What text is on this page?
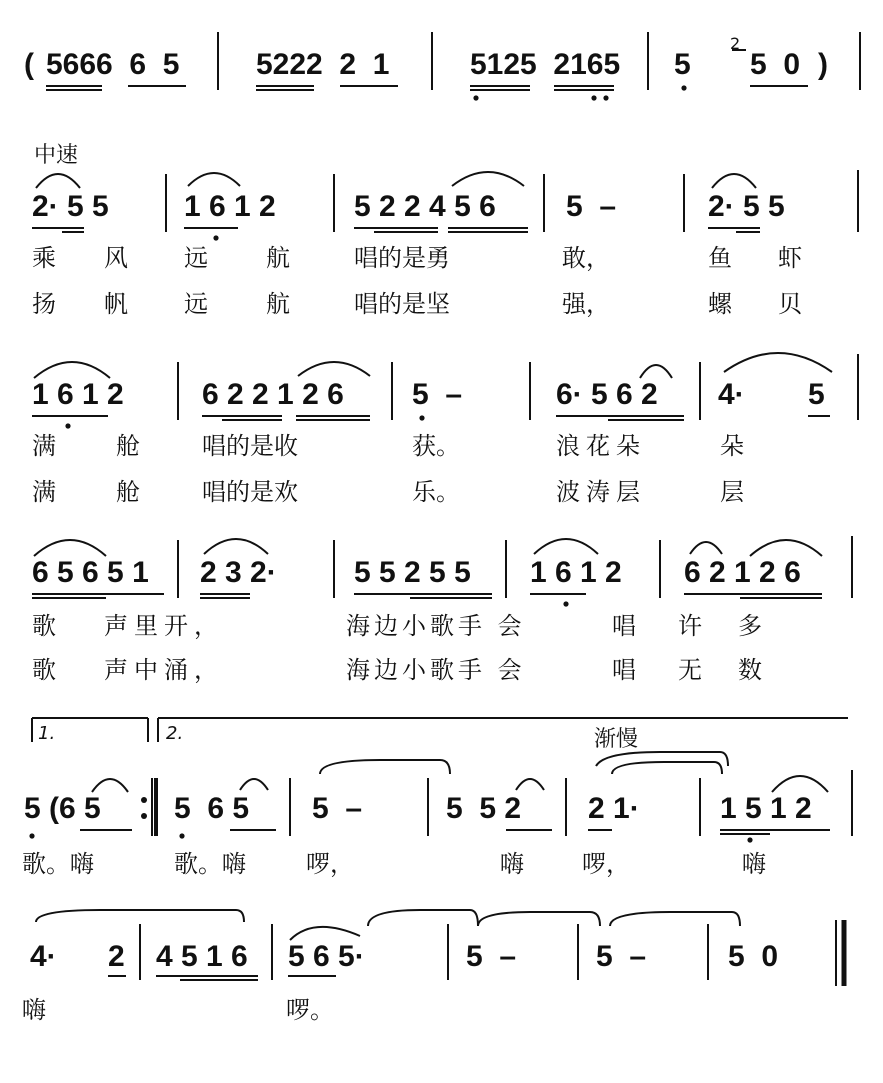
( 5666  6  5	5222  2  1	5125  2165 5
2
5  0 )
中速
2· 5 5	1 6 1 2	5 2 2 4 5 6 5  –	2· 5 5
乘 风 远 航	唱的是勇	敢，	鱼 虾
扬 帆 远 航	唱的是坚	强，	螺 贝
1 6 1 2	6 2 2 1 2 6 5  –	6· 5 6 2 4· 5
满	舱	唱的是收	获。	浪花朵	朵
满	舱	唱的是欢	乐。	波涛层	层
6 5 6 5 1 2 3 2·	5 5 2 5 5 1 6 1 2 6 2 1 2 6
歌 声里开，	海边小歌手 会	唱 许 多
歌 声中涌，	海边小歌手 会	唱 无 数
1.	2.	渐慢
5 (6 5 5  6 5 5  –	5  5 2 2 1·	1 5 1 2
歌。嗨	歌。嗨	啰，	嗨 啰，	嗨
4· 2 4 5 1 6 5 6 5·	5  –	5  –	5  0
嗨	啰。
